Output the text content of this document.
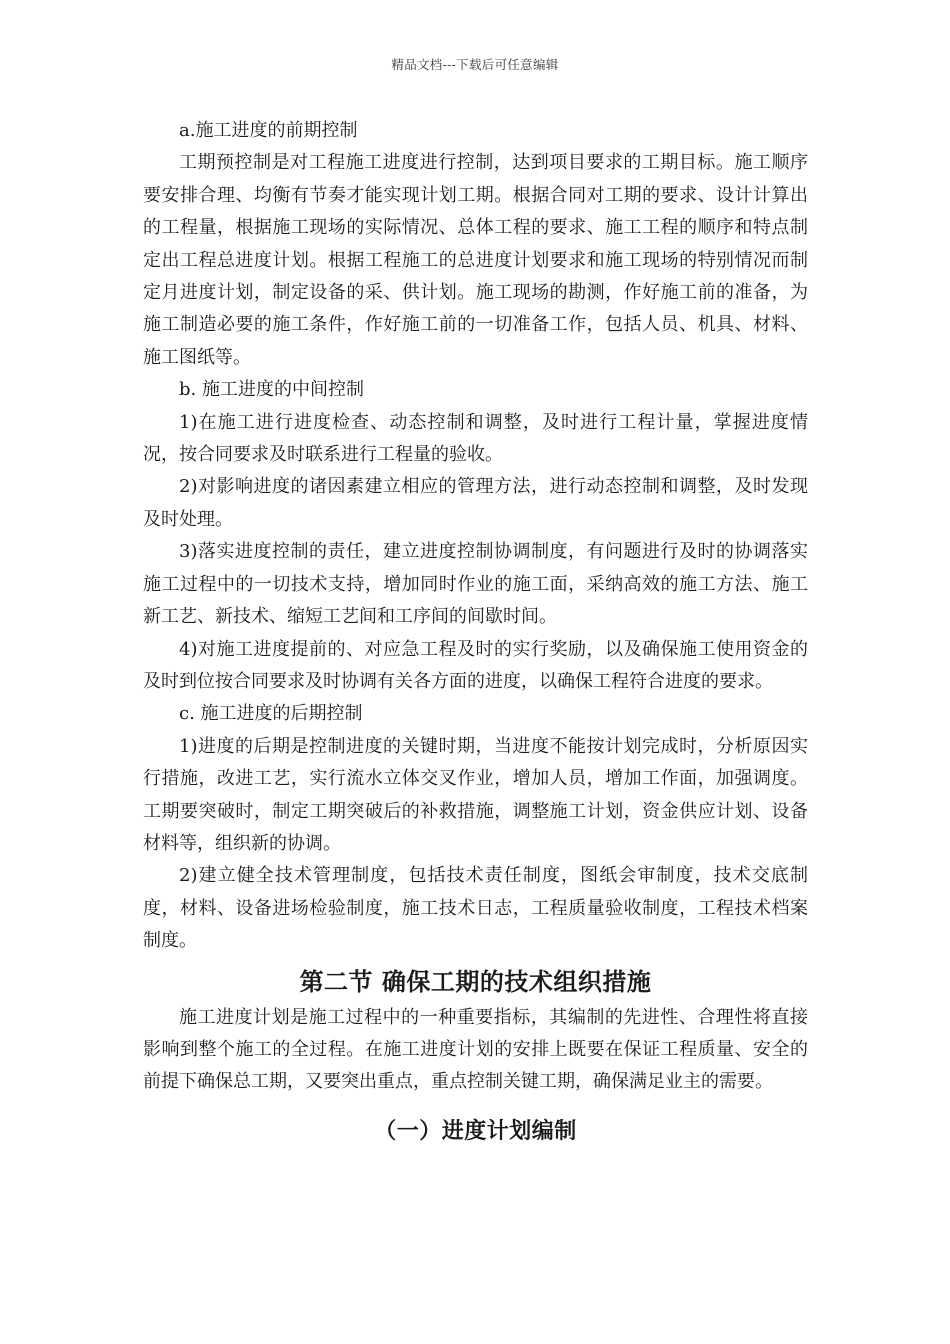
精品文档---下载后可任意编辑

a.施工进度的前期控制

工期预控制是对工程施工进度进行控制，达到项目要求的工期目标。施工顺序要安排合理、均衡有节奏才能实现计划工期。根据合同对工期的要求、设计计算出的工程量，根据施工现场的实际情况、总体工程的要求、施工工程的顺序和特点制定出工程总进度计划。根据工程施工的总进度计划要求和施工现场的特别情况而制定月进度计划，制定设备的采、供计划。施工现场的勘测，作好施工前的准备，为施工制造必要的施工条件，作好施工前的一切准备工作，包括人员、机具、材料、施工图纸等。

b. 施工进度的中间控制

1)在施工进行进度检查、动态控制和调整，及时进行工程计量，掌握进度情况，按合同要求及时联系进行工程量的验收。

2)对影响进度的诸因素建立相应的管理方法，进行动态控制和调整，及时发现及时处理。

3)落实进度控制的责任，建立进度控制协调制度，有问题进行及时的协调落实施工过程中的一切技术支持，增加同时作业的施工面，采纳高效的施工方法、施工新工艺、新技术、缩短工艺间和工序间的间歇时间。

4)对施工进度提前的、对应急工程及时的实行奖励，以及确保施工使用资金的及时到位按合同要求及时协调有关各方面的进度，以确保工程符合进度的要求。

c. 施工进度的后期控制

1)进度的后期是控制进度的关键时期，当进度不能按计划完成时，分析原因实行措施，改进工艺，实行流水立体交叉作业，增加人员，增加工作面，加强调度。工期要突破时，制定工期突破后的补救措施，调整施工计划，资金供应计划、设备材料等，组织新的协调。

2)建立健全技术管理制度，包括技术责任制度，图纸会审制度，技术交底制度，材料、设备进场检验制度，施工技术日志，工程质量验收制度，工程技术档案制度。

第二节 确保工期的技术组织措施

施工进度计划是施工过程中的一种重要指标，其编制的先进性、合理性将直接影响到整个施工的全过程。在施工进度计划的安排上既要在保证工程质量、安全的前提下确保总工期，又要突出重点，重点控制关键工期，确保满足业主的需要。

（一）进度计划编制
